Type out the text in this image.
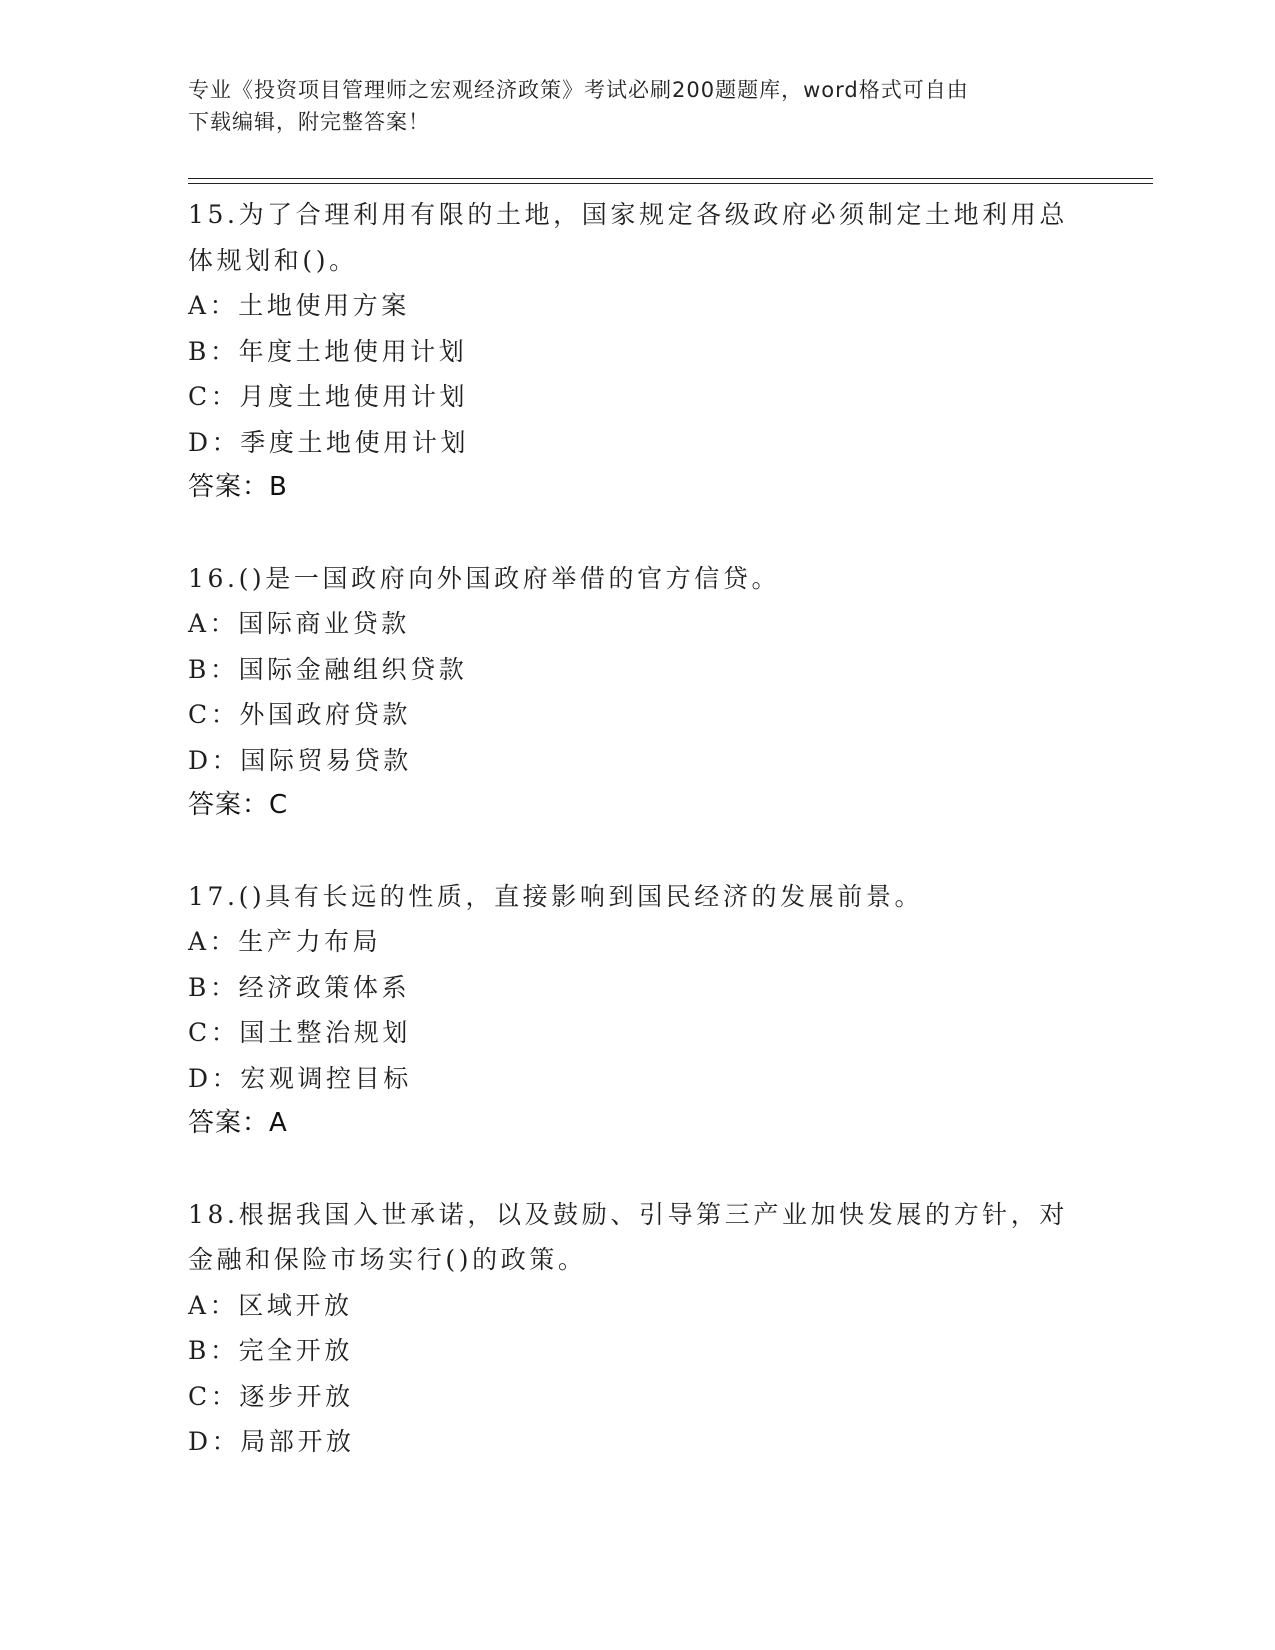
专业《投资项目管理师之宏观经济政策》考试必刷200题题库，word格式可自由
下载编辑，附完整答案！
15.为了合理利用有限的土地，国家规定各级政府必须制定土地利用总
体规划和()。
A：土地使用方案
B：年度土地使用计划
C：月度土地使用计划
D：季度土地使用计划
答案：B
16.()是一国政府向外国政府举借的官方信贷。
A：国际商业贷款
B：国际金融组织贷款
C：外国政府贷款
D：国际贸易贷款
答案：C
17.()具有长远的性质，直接影响到国民经济的发展前景。
A：生产力布局
B：经济政策体系
C：国土整治规划
D：宏观调控目标
答案：A
18.根据我国入世承诺，以及鼓励、引导第三产业加快发展的方针，对
金融和保险市场实行()的政策。
A：区域开放
B：完全开放
C：逐步开放
D：局部开放
